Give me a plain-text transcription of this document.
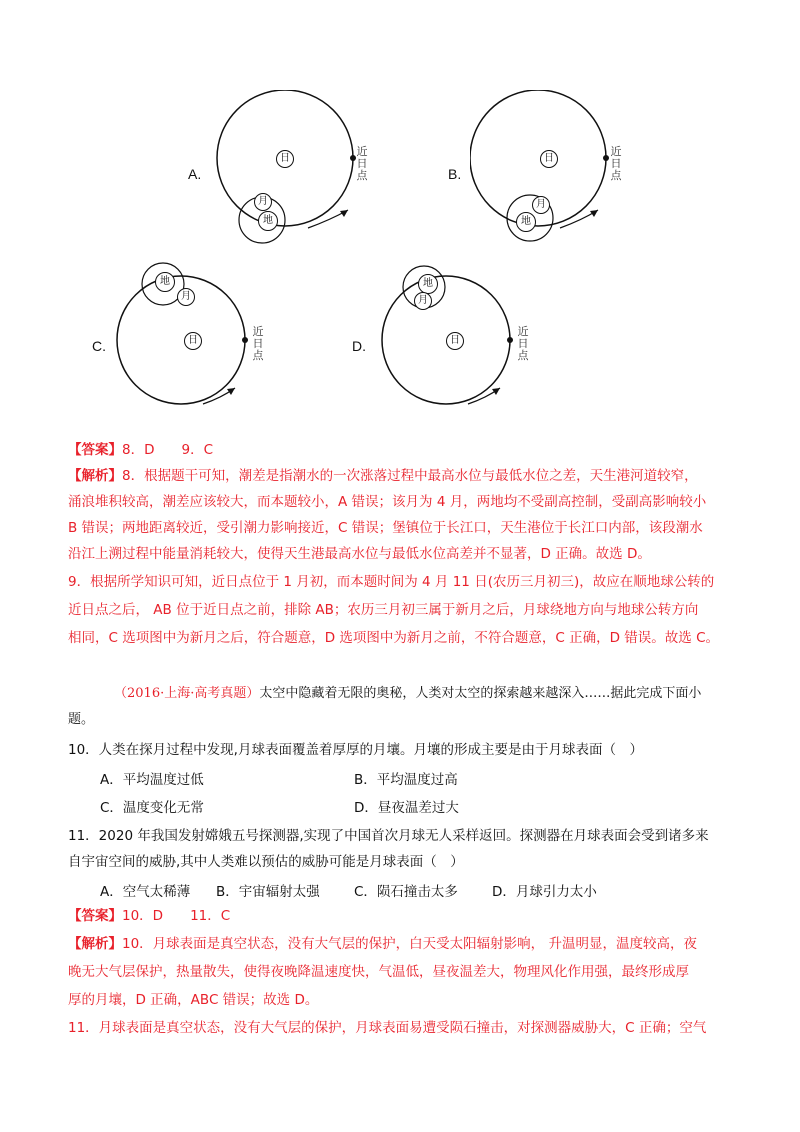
日
月
地
近
日
点
A.
日
月
地
近
日
点
B.
日
地
月
近
日
点
C.	日
地
月
近
日
点
D.
【答案】8．D　　9．C
【解析】8．根据题干可知，潮差是指潮水的一次涨落过程中最高水位与最低水位之差，天生港河道较窄，
涌浪堆积较高，潮差应该较大，而本题较小，A 错误；该月为 4 月，两地均不受副高控制，受副高影响较小
B 错误；两地距离较近，受引潮力影响接近，C 错误；堡镇位于长江口，天生港位于长江口内部，该段潮水
沿江上溯过程中能量消耗较大，使得天生港最高水位与最低水位高差并不显著，D 正确。故选 D。
9．根据所学知识可知，近日点位于 1 月初，而本题时间为 4 月 11 日(农历三月初三)，故应在顺地球公转的
近日点之后， AB 位于近日点之前，排除 AB；农历三月初三属于新月之后，月球绕地方向与地球公转方向
相同，C 选项图中为新月之后，符合题意，D 选项图中为新月之前，不符合题意，C 正确，D 错误。故选 C。
（2016·上海·高考真题）太空中隐藏着无限的奥秘，人类对太空的探索越来越深入……据此完成下面小
题。
10．人类在探月过程中发现,月球表面覆盖着厚厚的月壤。月壤的形成主要是由于月球表面（　）
A．平均温度过低	B．平均温度过高
C．温度变化无常	D．昼夜温差过大
11．2020 年我国发射嫦娥五号探测器,实现了中国首次月球无人采样返回。探测器在月球表面会受到诸多来
自宇宙空间的威胁,其中人类难以预估的威胁可能是月球表面（　）
A．空气太稀薄 B．宇宙辐射太强	C．陨石撞击太多	D．月球引力太小
【答案】10．D　　11．C
【解析】10．月球表面是真空状态，没有大气层的保护，白天受太阳辐射影响， 升温明显，温度较高，夜
晚无大气层保护，热量散失，使得夜晚降温速度快，气温低，昼夜温差大，物理风化作用强，最终形成厚
厚的月壤，D 正确，ABC 错误；故选 D。
11．月球表面是真空状态，没有大气层的保护，月球表面易遭受陨石撞击，对探测器威胁大，C 正确；空气
